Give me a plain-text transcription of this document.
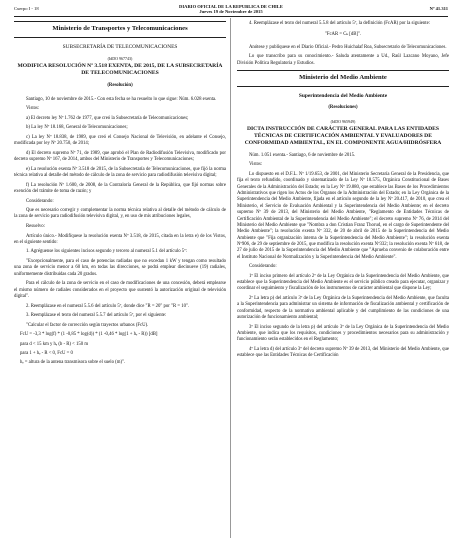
Cuerpo I - 18	DIARIO OFICIAL DE LA REPUBLICA DE CHILE
Jueves 19 de Noviembre de 2015
Nº 41.311
Ministerio de Transportes y Telecomunicaciones

SUBSECRETARÍA DE TELECOMUNICACIONES

(IdDO 967743)

MODIFICA RESOLUCIÓN Nº 3.518 EXENTA, DE 2015, DE LA SUBSECRETARÍA DE TELECOMUNICACIONES

(Resolución)

Santiago, 10 de noviembre de 2015.- Con esta fecha se ha resuelto lo que sigue: Núm. 6.028 exenta.

Vistos:

a) El decreto ley Nº 1.762 de 1977, que creó la Subsecretaría de Telecomunicaciones;

b) La ley Nº 18.168, General de Telecomunicaciones;

c) La ley Nº 18.838, de 1989, que creó el Consejo Nacional de Televisión, en adelante el Consejo, modificada por ley Nº 20.750, de 2014;

d) El decreto supremo Nº 71, de 1989, que aprobó el Plan de Radiodifusión Televisiva, modificado por decreto supremo Nº 167, de 2014, ambos del Ministerio de Transportes y Telecomunicaciones;

e) La resolución exenta Nº 3.518 de 2015, de la Subsecretaría de Telecomunicaciones, que fijó la norma técnica relativa al detalle del método de cálculo de la zona de servicio para radiodifusión televisiva digital;

f) La resolución Nº 1.600, de 2008, de la Contraloría General de la República, que fijó normas sobre exención del trámite de toma de razón; y

Considerando:

Que es necesario corregir y complementar la norma técnica relativa al detalle del método de cálculo de la zona de servicio para radiodifusión televisiva digital, y, en uso de mis atribuciones legales,

Resuelvo:

Artículo único.- Modifíquese la resolución exenta Nº 3.518, de 2015, citada en la letra e) de los Vistos, en el siguiente sentido:

1. Agréguense los siguientes incisos segundo y tercero al numeral 5.1 del artículo 5º:

"Excepcionalmente, para el caso de potencias radiadas que no excedan 1 kW y tengan como resultado una zona de servicio menor a 60 km, en todas las direcciones, se podrá emplear diecinueve (19) radiales, uniformemente distribuidas cada 20 grados.

Para el cálculo de la zona de servicio en el caso de modificaciones de una concesión, deberá emplearse el mismo número de radiales considerados en el proyecto que sustentó la autorización original de televisión digital".

2. Reemplázase en el numeral 5.5.6 del artículo 5º, donde dice "R = 20" por "R = 10".

3. Reemplázase el texto del numeral 5.5.7 del artículo 5º, por el siguiente:

"Calcular el factor de corrección según trayectos urbanos (FcU).

FcU = -3,3 * log(f) * (1 -0,85 * log(d)) * (1 -0,46 * log(1 + hₑ - R)) [dB]

para d < 15 km y hₑ (b - R) < 150 m

para 1 + hₑ - R < 0, FcU = 0

hₑ = altura de la antena transmisora sobre el suelo (m)".

4. Reemplázase el texto del numeral 5.5.8 del artículo 5º, la definición (FcAR) por la siguiente:

"FcAR = Cₖ [dB]".

Anótese y publíquese en el Diario Oficial.- Pedro Huichalaf Roa, Subsecretario de Telecomunicaciones.

Lo que transcribo para su conocimiento.- Saluda atentamente a Ud., Raúl Lazcano Moyano, Jefe División Política Regulatoria y Estudios.

Ministerio del Medio Ambiente

Superintendencia del Medio Ambiente

(Resoluciones)

(IdDO 965949)

DICTA INSTRUCCIÓN DE CARÁCTER GENERAL PARA LAS ENTIDADES TÉCNICAS DE CERTIFICACIÓN AMBIENTAL Y EVALUADORES DE CONFORMIDAD AMBIENTAL, EN EL COMPONENTE AGUA/HIDRÓSFERA

Núm. 1.051 exenta.- Santiago, 6 de noviembre de 2015.

Vistos:

Lo dispuesto en el D.F.L. Nº 1/19.653, de 2001, del Ministerio Secretaría General de la Presidencia, que fija el texto refundido, coordinado y sistematizado de la Ley Nº 18.575, Orgánica Constitucional de Bases Generales de la Administración del Estado; en la Ley Nº 19.880, que establece las Bases de los Procedimientos Administrativos que rigen los Actos de los Órganos de la Administración del Estado; en la Ley Orgánica de la Superintendencia del Medio Ambiente, fijada en el artículo segundo de la ley Nº 20.417, de 2010, que crea el Ministerio, el Servicio de Evaluación Ambiental y la Superintendencia del Medio Ambiente; en el decreto supremo Nº 39 de 2013, del Ministerio del Medio Ambiente, "Reglamento de Entidades Técnicas de Certificación Ambiental de la Superintendencia del Medio Ambiente"; el decreto supremo Nº 76, de 2014 del Ministerio del Medio Ambiente que "Nombra a don Cristian Franz Thorud, en el cargo de Superintendente del Medio Ambiente"; la resolución exenta Nº 332, de 20 de abril de 2015 de la Superintendencia del Medio Ambiente que "Fija organización interna de la Superintendencia del Medio Ambiente"; la resolución exenta Nº906, de 29 de septiembre de 2015, que modifica la resolución exenta Nº332; la resolución exenta Nº 618, de 27 de julio de 2015 de la Superintendencia del Medio Ambiente que "Aprueba convenio de colaboración entre el Instituto Nacional de Normalización y la Superintendencia del Medio Ambiente".

Considerando:

1º El inciso primero del artículo 2º de la Ley Orgánica de la Superintendencia del Medio Ambiente, que establece que la Superintendencia del Medio Ambiente es el servicio público creado para ejecutar, organizar y coordinar el seguimiento y fiscalización de los instrumentos de carácter ambiental que dispone la Ley;

2º La letra p) del artículo 3º de la Ley Orgánica de la Superintendencia del Medio Ambiente, que faculta a la Superintendencia para administrar un sistema de información de fiscalización ambiental y certificación de conformidad, respecto de la normativa ambiental aplicable y del cumplimiento de las condiciones de una autorización de funcionamiento ambiental;

3º El inciso segundo de la letra p) del artículo 3º de la Ley Orgánica de la Superintendencia del Medio Ambiente, que indica que los requisitos, condiciones y procedimientos necesarios para su administración y funcionamiento serán establecidos en el Reglamento;

4º La letra d) del artículo 3º del decreto supremo Nº 39 de 2013, del Ministerio del Medio Ambiente, que establece que las Entidades Técnicas de Certificación
